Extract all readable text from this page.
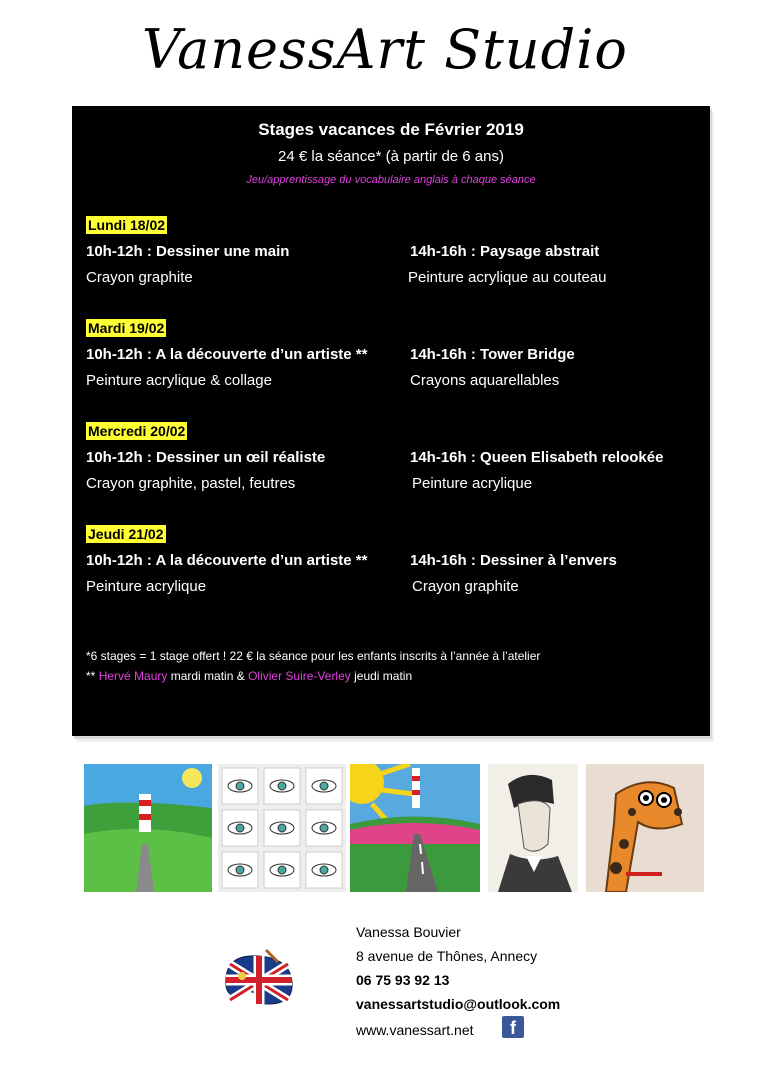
VanessArt Studio
Stages vacances de Février 2019
24 € la séance* (à partir de 6 ans)
Jeu/apprentissage du vocabulaire anglais à chaque séance
Lundi 18/02
10h-12h : Dessiner une main	14h-16h : Paysage abstrait
Crayon graphite	Peinture acrylique au couteau
Mardi 19/02
10h-12h : A la découverte d’un artiste **	14h-16h : Tower Bridge
Peinture acrylique & collage	Crayons aquarellables
Mercredi 20/02
10h-12h : Dessiner un œil réaliste	14h-16h : Queen Elisabeth relookée
Crayon graphite, pastel, feutres	Peinture acrylique
Jeudi 21/02
10h-12h : A la découverte d’un artiste **	14h-16h : Dessiner à l’envers
Peinture acrylique	Crayon graphite
*6 stages = 1 stage offert ! 22 € la séance pour les enfants inscrits à l’année à l’atelier
** Hervé Maury mardi matin & Olivier Suire-Verley jeudi matin
Vanessa Bouvier
8 avenue de Thônes, Annecy
06 75 93 92 13
vanessartstudio@outlook.com
www.vanessart.net	f
